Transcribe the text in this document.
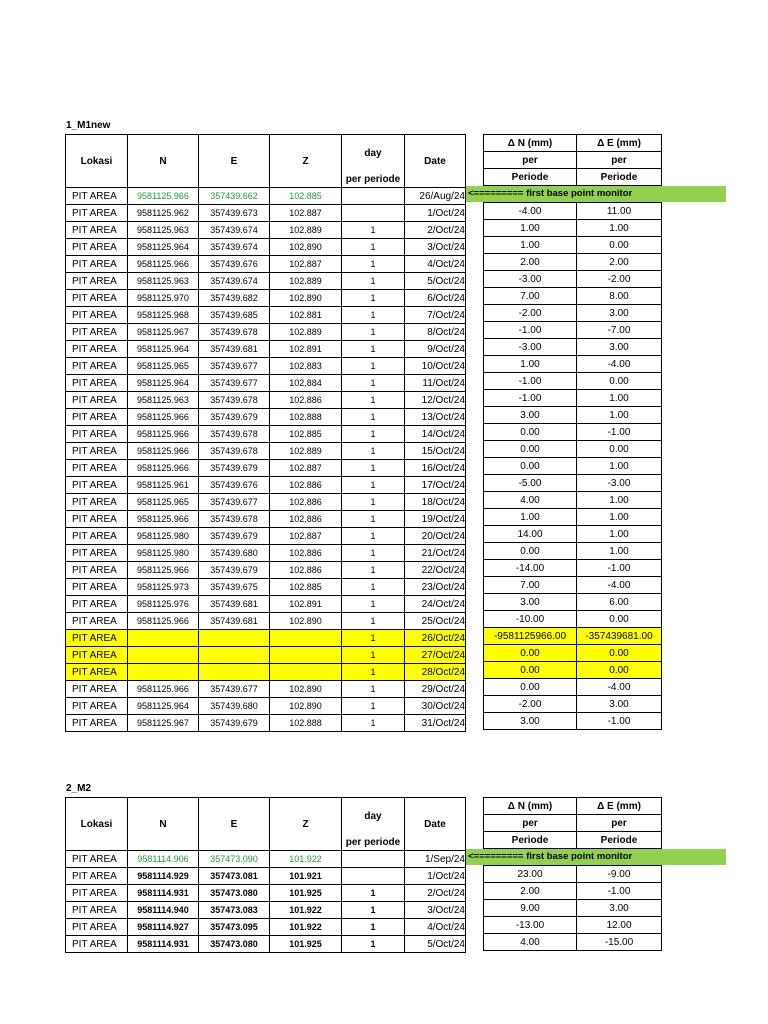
1_M1new
Lokasi	N	E	Z	day	Date

				per periode	
PIT AREA	9581125.966	357439.662	102.885		26/Aug/24
PIT AREA	9581125.962	357439.673	102.887		1/Oct/24
PIT AREA	9581125.963	357439.674	102.889	1	2/Oct/24
PIT AREA	9581125.964	357439.674	102.890	1	3/Oct/24
PIT AREA	9581125.966	357439.676	102.887	1	4/Oct/24
PIT AREA	9581125.963	357439.674	102.889	1	5/Oct/24
PIT AREA	9581125.970	357439.682	102.890	1	6/Oct/24
PIT AREA	9581125.968	357439.685	102.881	1	7/Oct/24
PIT AREA	9581125.967	357439.678	102.889	1	8/Oct/24
PIT AREA	9581125.964	357439.681	102.891	1	9/Oct/24
PIT AREA	9581125.965	357439.677	102.883	1	10/Oct/24
PIT AREA	9581125.964	357439.677	102.884	1	11/Oct/24
PIT AREA	9581125.963	357439.678	102.886	1	12/Oct/24
PIT AREA	9581125.966	357439.679	102.888	1	13/Oct/24
PIT AREA	9581125.966	357439.678	102.885	1	14/Oct/24
PIT AREA	9581125.966	357439.678	102.889	1	15/Oct/24
PIT AREA	9581125.966	357439.679	102.887	1	16/Oct/24
PIT AREA	9581125.961	357439.676	102.886	1	17/Oct/24
PIT AREA	9581125.965	357439.677	102.886	1	18/Oct/24
PIT AREA	9581125.966	357439.678	102.886	1	19/Oct/24
PIT AREA	9581125.980	357439.679	102.887	1	20/Oct/24
PIT AREA	9581125.980	357439.680	102.886	1	21/Oct/24
PIT AREA	9581125.966	357439.679	102.886	1	22/Oct/24
PIT AREA	9581125.973	357439.675	102.885	1	23/Oct/24
PIT AREA	9581125.976	357439.681	102.891	1	24/Oct/24
PIT AREA	9581125.966	357439.681	102.890	1	25/Oct/24
PIT AREA				1	26/Oct/24
PIT AREA				1	27/Oct/24
PIT AREA				1	28/Oct/24
PIT AREA	9581125.966	357439.677	102.890	1	29/Oct/24
PIT AREA	9581125.964	357439.680	102.890	1	30/Oct/24
PIT AREA	9581125.967	357439.679	102.888	1	31/Oct/24
Δ N (mm)	Δ E (mm)
per	per
Periode	Periode

-4.00	11.00
1.00	1.00
1.00	0.00
2.00	2.00
-3.00	-2.00
7.00	8.00
-2.00	3.00
-1.00	-7.00
-3.00	3.00
1.00	-4.00
-1.00	0.00
-1.00	1.00
3.00	1.00
0.00	-1.00
0.00	0.00
0.00	1.00
-5.00	-3.00
4.00	1.00
1.00	1.00
14.00	1.00
0.00	1.00
-14.00	-1.00
7.00	-4.00
3.00	6.00
-10.00	0.00
-9581125966.00	-357439681.00
0.00	0.00
0.00	0.00
0.00	-4.00
-2.00	3.00
3.00	-1.00
2_M2
Lokasi	N	E	Z	day	Date

				per periode	
PIT AREA	9581114.906	357473.090	101.922		1/Sep/24
PIT AREA	9581114.929	357473.081	101.921		1/Oct/24
PIT AREA	9581114.931	357473.080	101.925	1	2/Oct/24
PIT AREA	9581114.940	357473.083	101.922	1	3/Oct/24
PIT AREA	9581114.927	357473.095	101.922	1	4/Oct/24
PIT AREA	9581114.931	357473.080	101.925	1	5/Oct/24
Δ N (mm)	Δ E (mm)
per	per
Periode	Periode

23.00	-9.00
2.00	-1.00
9.00	3.00
-13.00	12.00
4.00	-15.00
<========= first base point monitor
<========= first base point monitor
